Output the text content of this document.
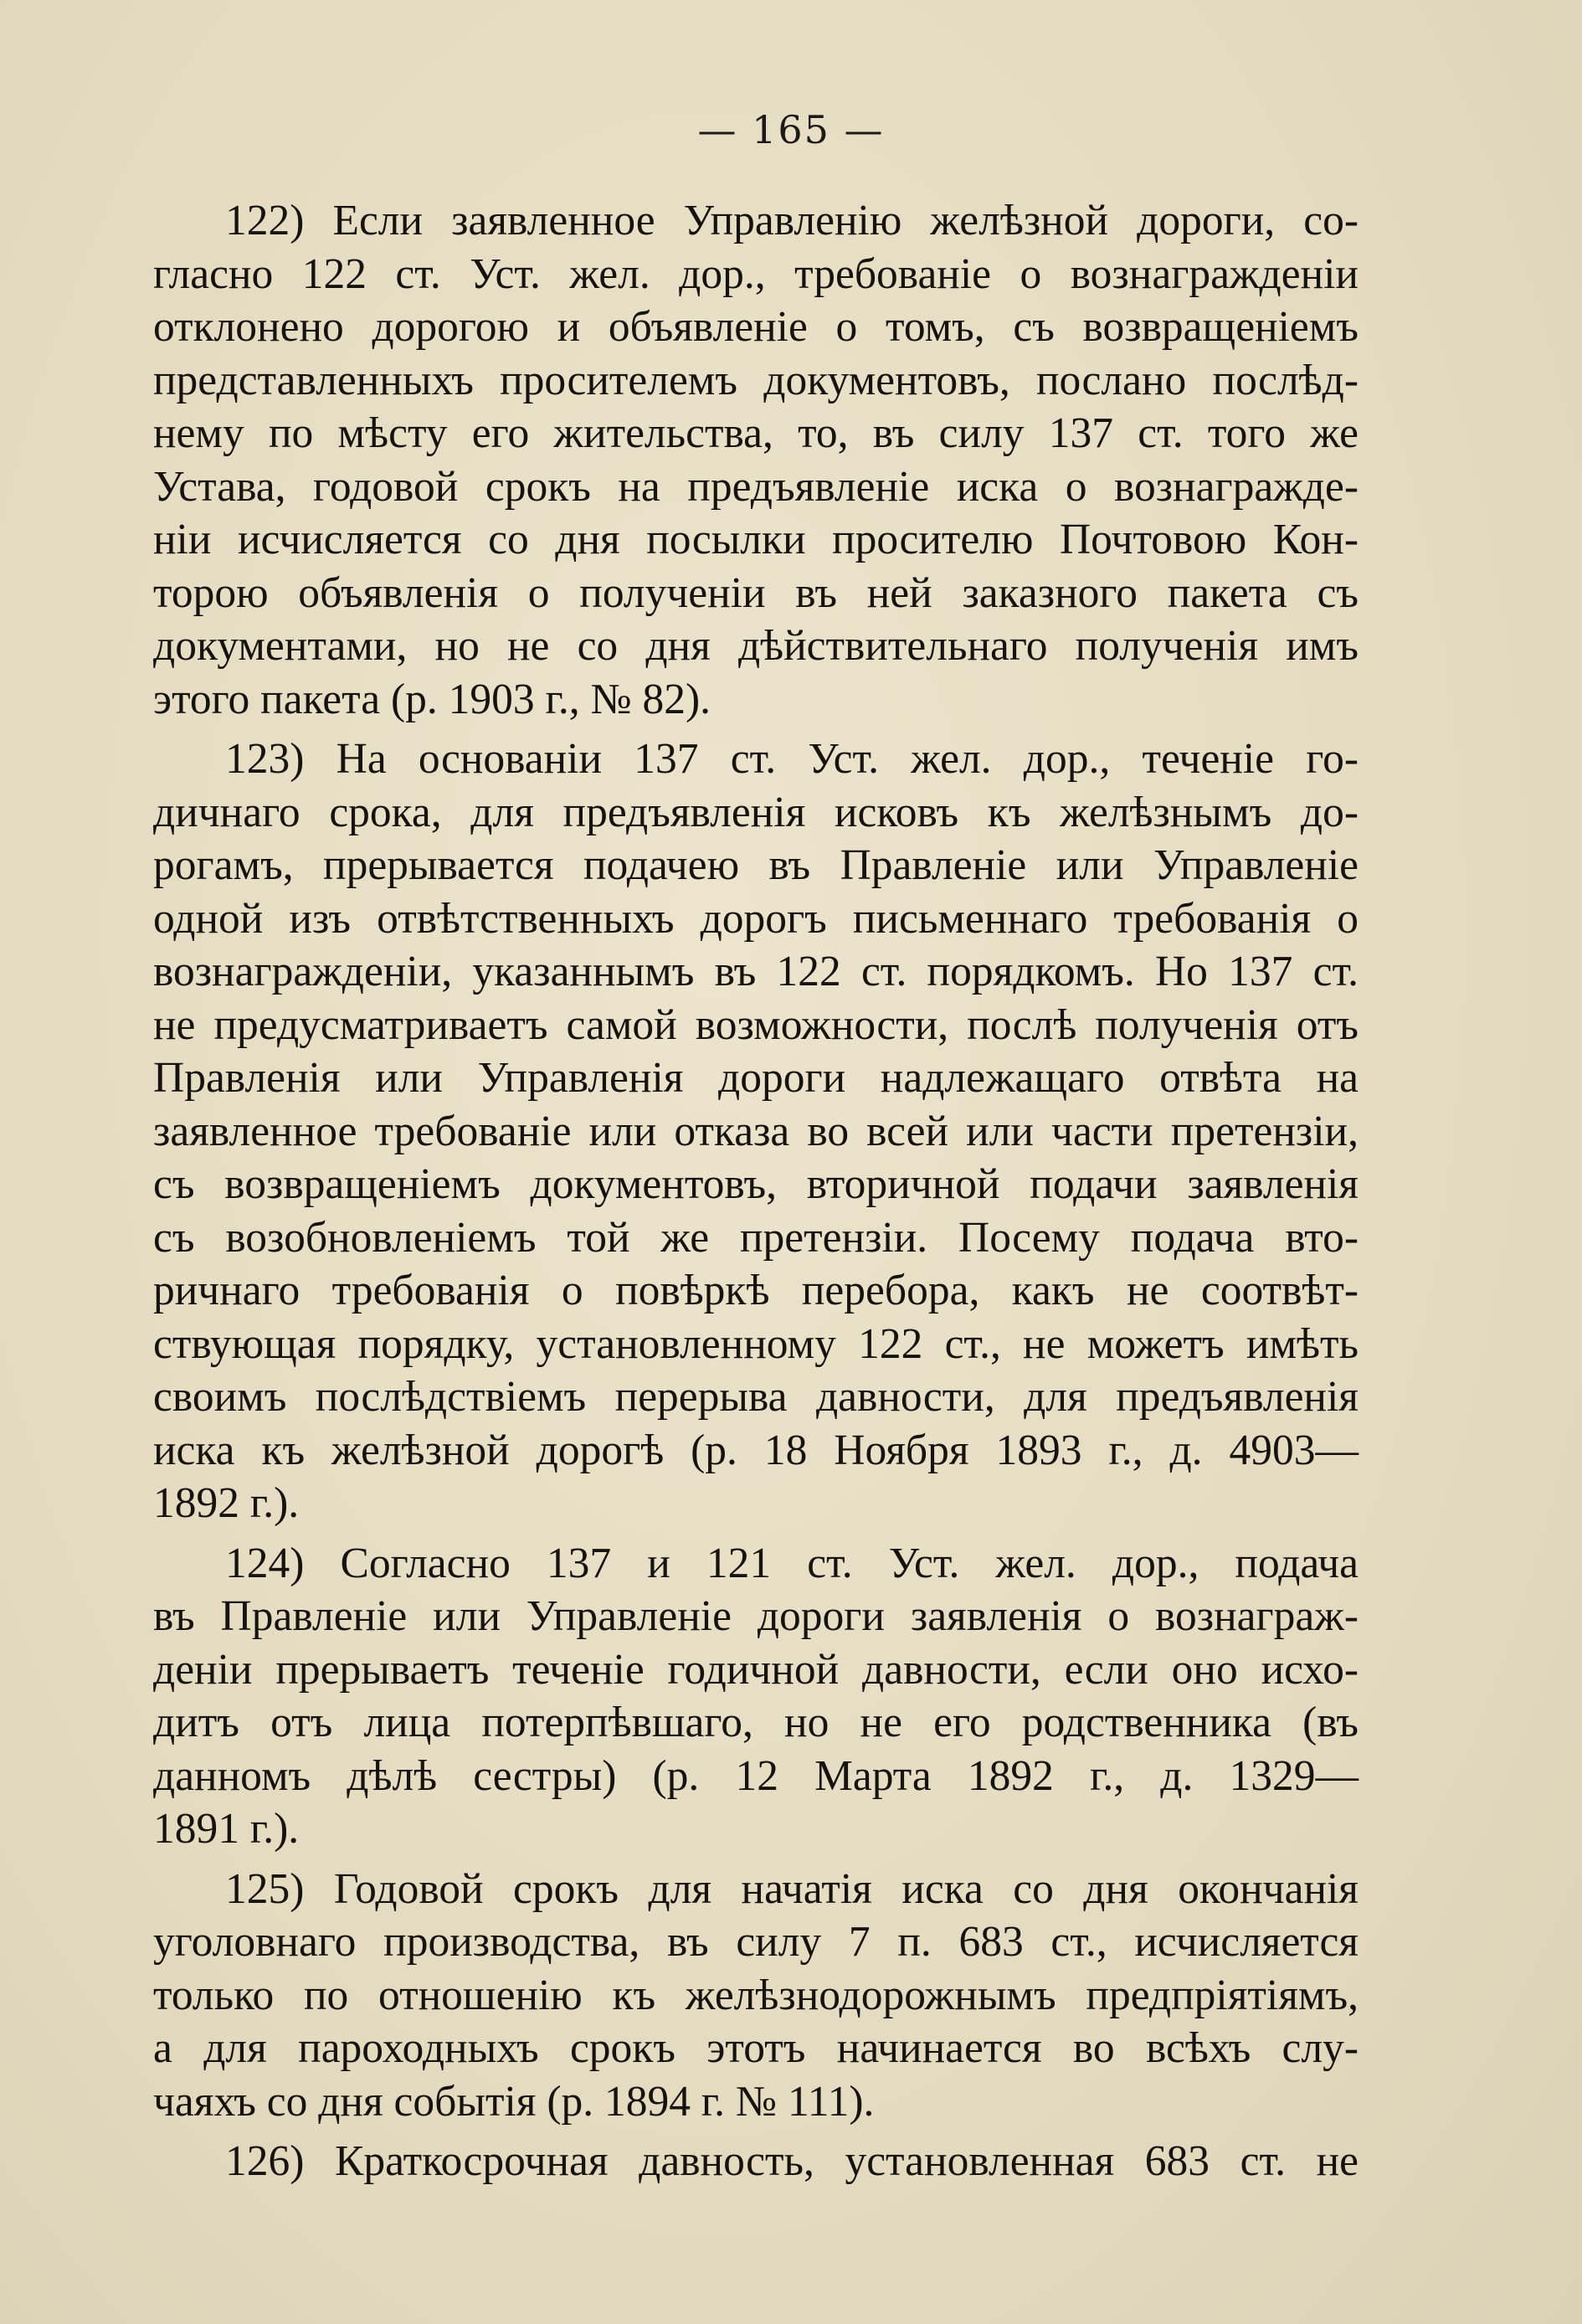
— 165 —
122) Если заявленное Управленію желѣзной дороги, со-
гласно 122 ст. Уст. жел. дор., требованіе о вознагражденіи
отклонено дорогою и объявленіе о томъ, съ возвращеніемъ
представленныхъ просителемъ документовъ, послано послѣд-
нему по мѣсту его жительства, то, въ силу 137 ст. того же
Устава, годовой срокъ на предъявленіе иска о вознагражде-
ніи исчисляется со дня посылки просителю Почтовою Кон-
торою объявленія о полученіи въ ней заказного пакета съ
документами, но не со дня дѣйствительнаго полученія имъ
этого пакета (р. 1903 г., № 82).
123) На основаніи 137 ст. Уст. жел. дор., теченіе го-
дичнаго срока, для предъявленія исковъ къ желѣзнымъ до-
рогамъ, прерывается подачею въ Правленіе или Управленіе
одной изъ отвѣтственныхъ дорогъ письменнаго требованія о
вознагражденіи, указаннымъ въ 122 ст. порядкомъ. Но 137 ст.
не предусматриваетъ самой возможности, послѣ полученія отъ
Правленія или Управленія дороги надлежащаго отвѣта на
заявленное требованіе или отказа во всей или части претензіи,
съ возвращеніемъ документовъ, вторичной подачи заявленія
съ возобновленіемъ той же претензіи. Посему подача вто-
ричнаго требованія о повѣркѣ перебора, какъ не соотвѣт-
ствующая порядку, установленному 122 ст., не можетъ имѣть
своимъ послѣдствіемъ перерыва давности, для предъявленія
иска къ желѣзной дорогѣ (р. 18 Ноября 1893 г., д. 4903—
1892 г.).
124) Согласно 137 и 121 ст. Уст. жел. дор., подача
въ Правленіе или Управленіе дороги заявленія о вознаграж-
деніи прерываетъ теченіе годичной давности, если оно исхо-
дитъ отъ лица потерпѣвшаго, но не его родственника (въ
данномъ дѣлѣ сестры) (р. 12 Марта 1892 г., д. 1329—
1891 г.).
125) Годовой срокъ для начатія иска со дня окончанія
уголовнаго производства, въ силу 7 п. 683 ст., исчисляется
только по отношенію къ желѣзнодорожнымъ предпріятіямъ,
а для пароходныхъ срокъ этотъ начинается во всѣхъ слу-
чаяхъ со дня событія (р. 1894 г. № 111).
126) Краткосрочная давность, установленная 683 ст. не
